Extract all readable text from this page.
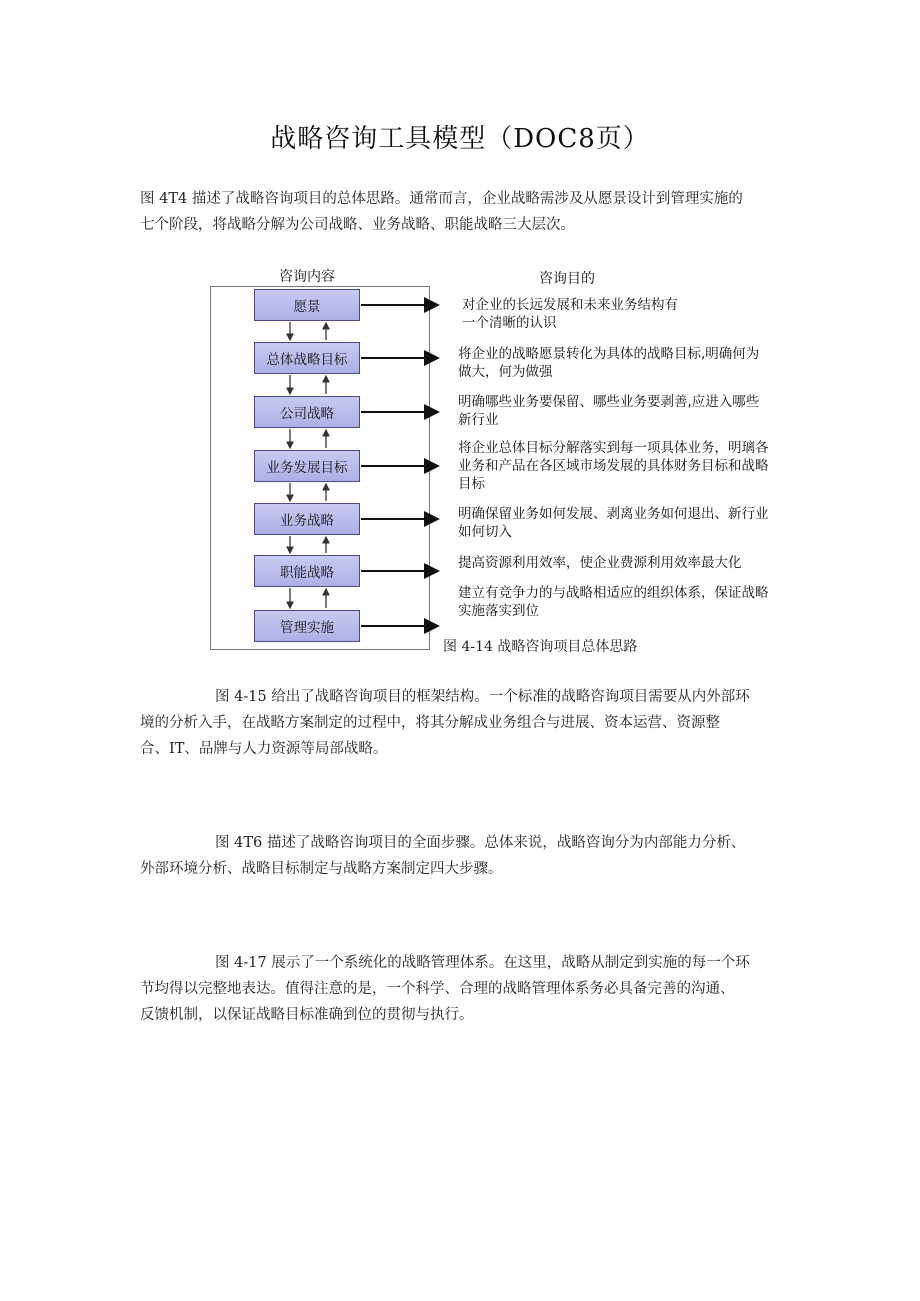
战略咨询工具模型（DOC8页）

图 4T4 描述了战略咨询项目的总体思路。通常而言，企业战略需涉及从愿景设计到管理实施的
七个阶段，将战略分解为公司战略、业务战略、职能战略三大层次。

咨询内容	咨询目的
愿景
总体战略目标
公司战略
业务发展目标
业务战略
职能战略
管理实施
对企业的长远发展和未来业务结构有
一个清晰的认识
将企业的战略愿景转化为具体的战略目标,明确何为
做大，何为做强
明确哪些业务要保留、哪些业务要剥善,应进入哪些
新行业
将企业总体目标分解落实到每一项具体业务，明璃各
业务和产品在各区域市场发展的具体财务目标和战略
目标
明确保留业务如何发展、剥离业务如何退出、新行业
如何切入
提高资源利用效率，使企业费源利用效率最大化
建立有竞争力的与战略相适应的组织体系，保证战略
实施落实到位
图 4-14 战略咨询项目总体思路

图 4-15 给出了战略咨询项目的框架结构。一个标准的战略咨询项目需要从内外部环
境的分析入手，在战略方案制定的过程中，将其分解成业务组合与进展、资本运营、资源整
合、IT、品牌与人力资源等局部战略。

图 4T6 描述了战略咨询项目的全面步骤。总体来说，战略咨询分为内部能力分析、
外部环境分析、战略目标制定与战略方案制定四大步骤。

图 4-17 展示了一个系统化的战略管理体系。在这里，战略从制定到实施的每一个环
节均得以完整地表达。值得注意的是，一个科学、合理的战略管理体系务必具备完善的沟通、
反馈机制，以保证战略目标准确到位的贯彻与执行。
